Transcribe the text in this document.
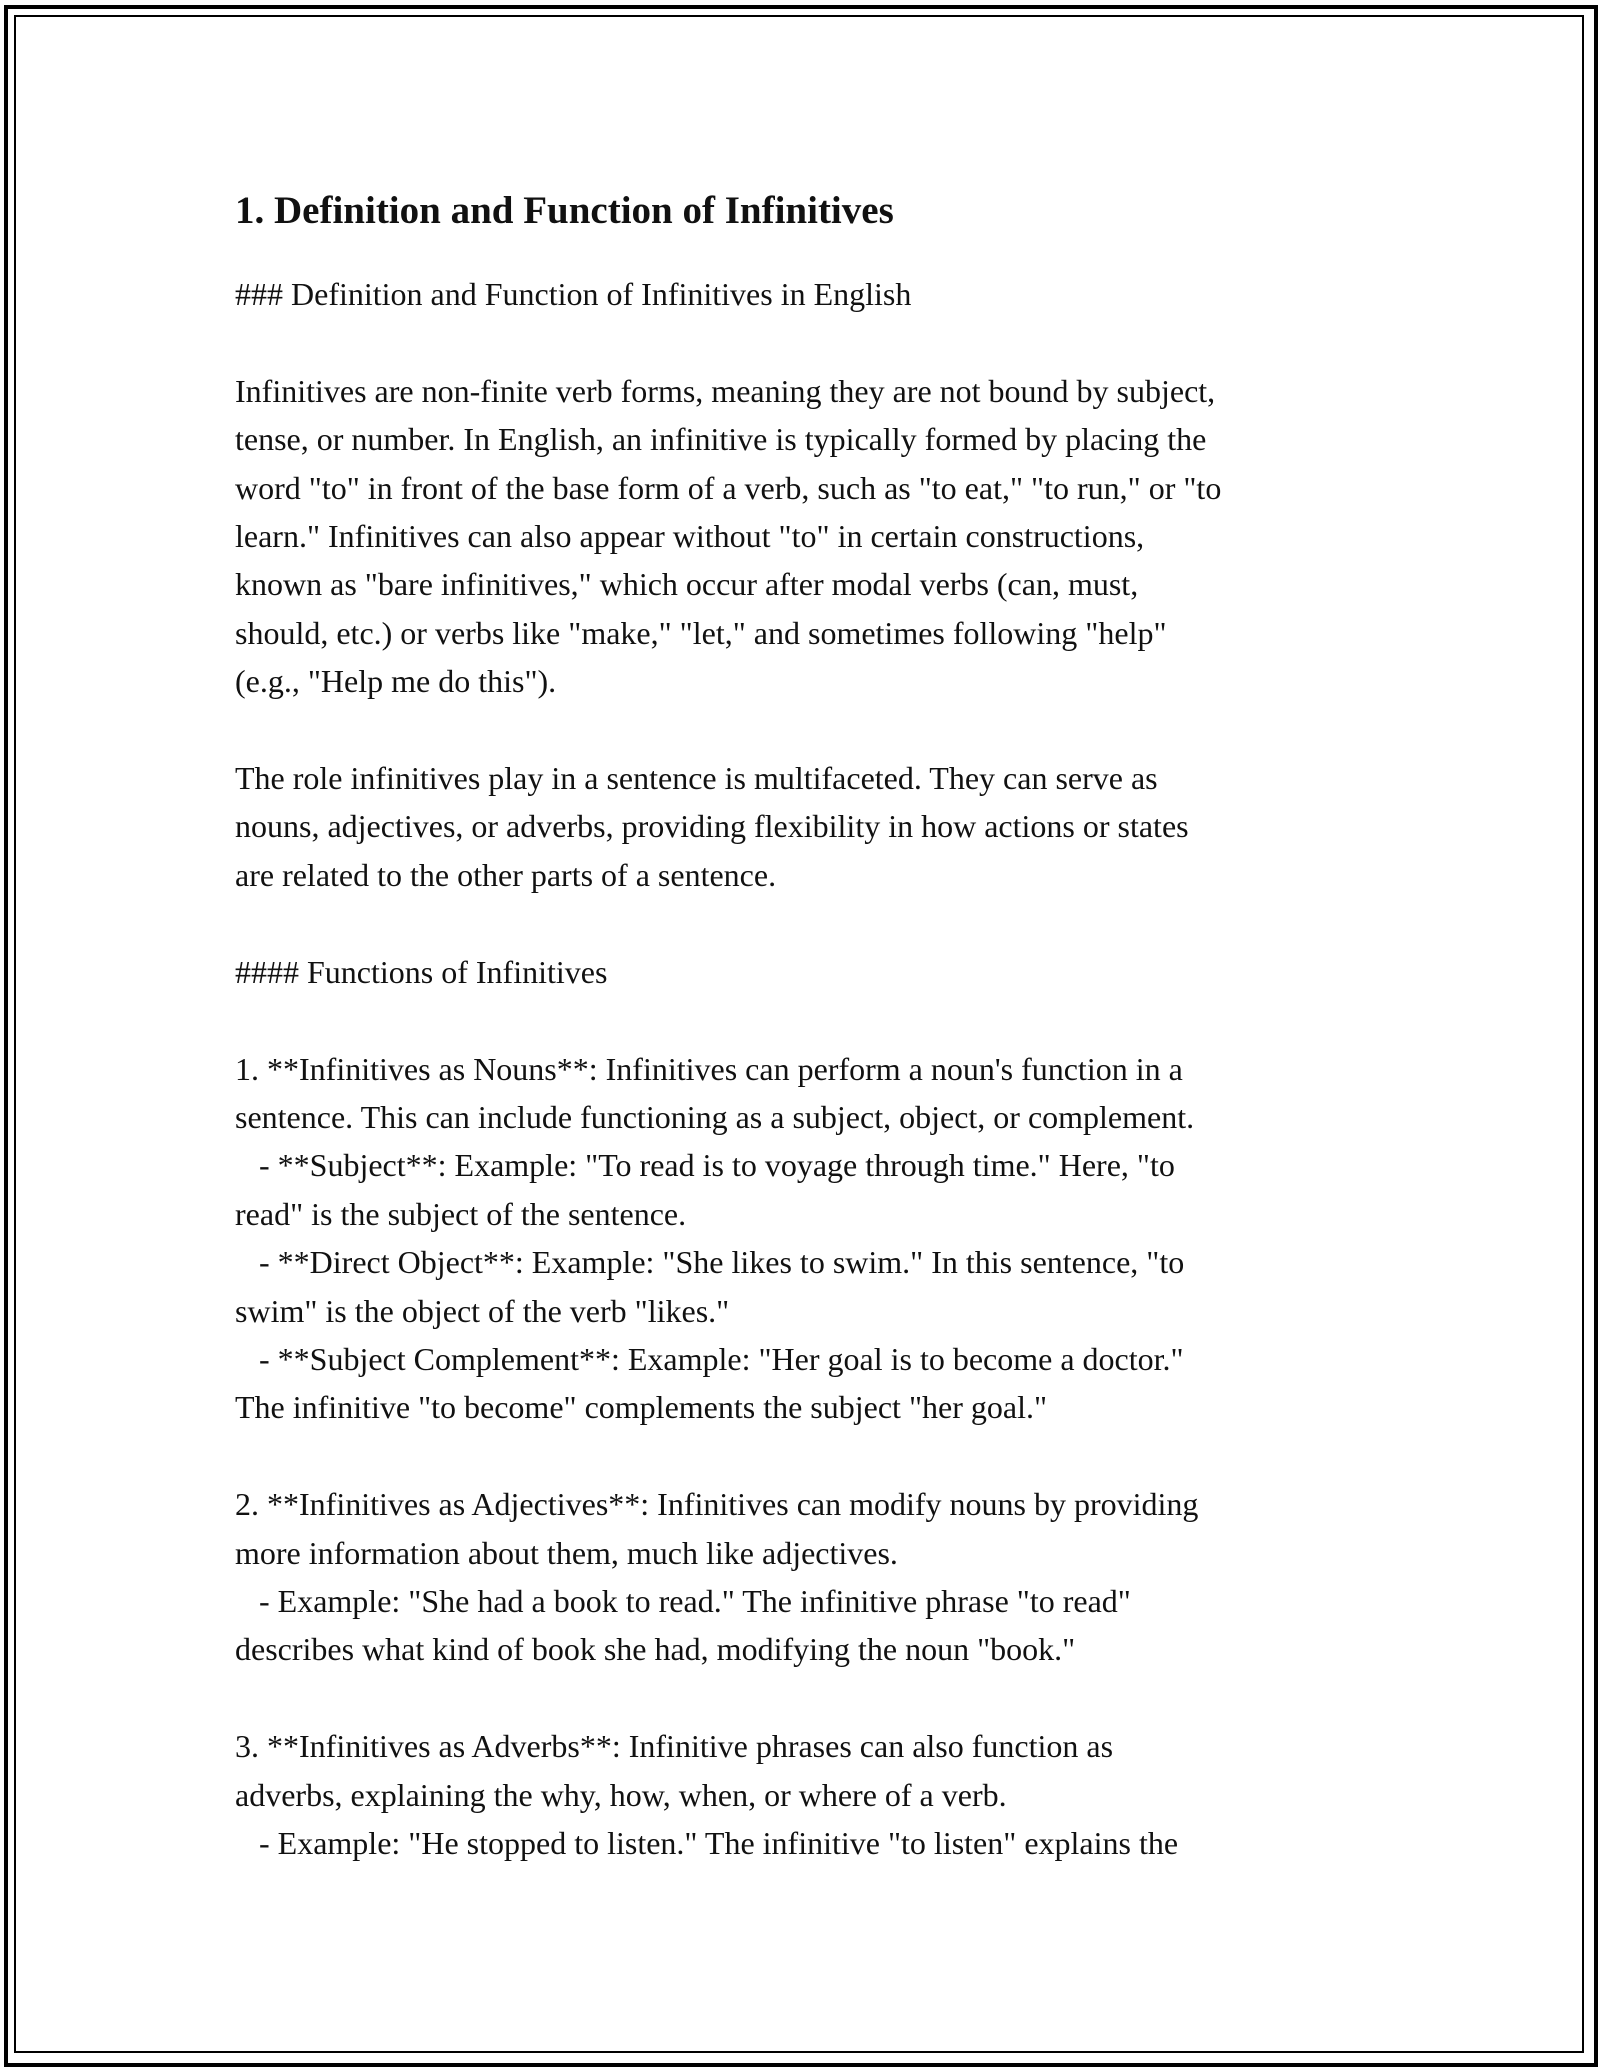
1. Definition and Function of Infinitives

### Definition and Function of Infinitives in English

Infinitives are non-finite verb forms, meaning they are not bound by subject,
tense, or number. In English, an infinitive is typically formed by placing the
word "to" in front of the base form of a verb, such as "to eat," "to run," or "to
learn." Infinitives can also appear without "to" in certain constructions,
known as "bare infinitives," which occur after modal verbs (can, must,
should, etc.) or verbs like "make," "let," and sometimes following "help"
(e.g., "Help me do this").

The role infinitives play in a sentence is multifaceted. They can serve as
nouns, adjectives, or adverbs, providing flexibility in how actions or states
are related to the other parts of a sentence.

#### Functions of Infinitives

1. **Infinitives as Nouns**: Infinitives can perform a noun's function in a
sentence. This can include functioning as a subject, object, or complement.
- **Subject**: Example: "To read is to voyage through time." Here, "to
read" is the subject of the sentence.
- **Direct Object**: Example: "She likes to swim." In this sentence, "to
swim" is the object of the verb "likes."
- **Subject Complement**: Example: "Her goal is to become a doctor."
The infinitive "to become" complements the subject "her goal."

2. **Infinitives as Adjectives**: Infinitives can modify nouns by providing
more information about them, much like adjectives.
- Example: "She had a book to read." The infinitive phrase "to read"
describes what kind of book she had, modifying the noun "book."

3. **Infinitives as Adverbs**: Infinitive phrases can also function as
adverbs, explaining the why, how, when, or where of a verb.
- Example: "He stopped to listen." The infinitive "to listen" explains the
